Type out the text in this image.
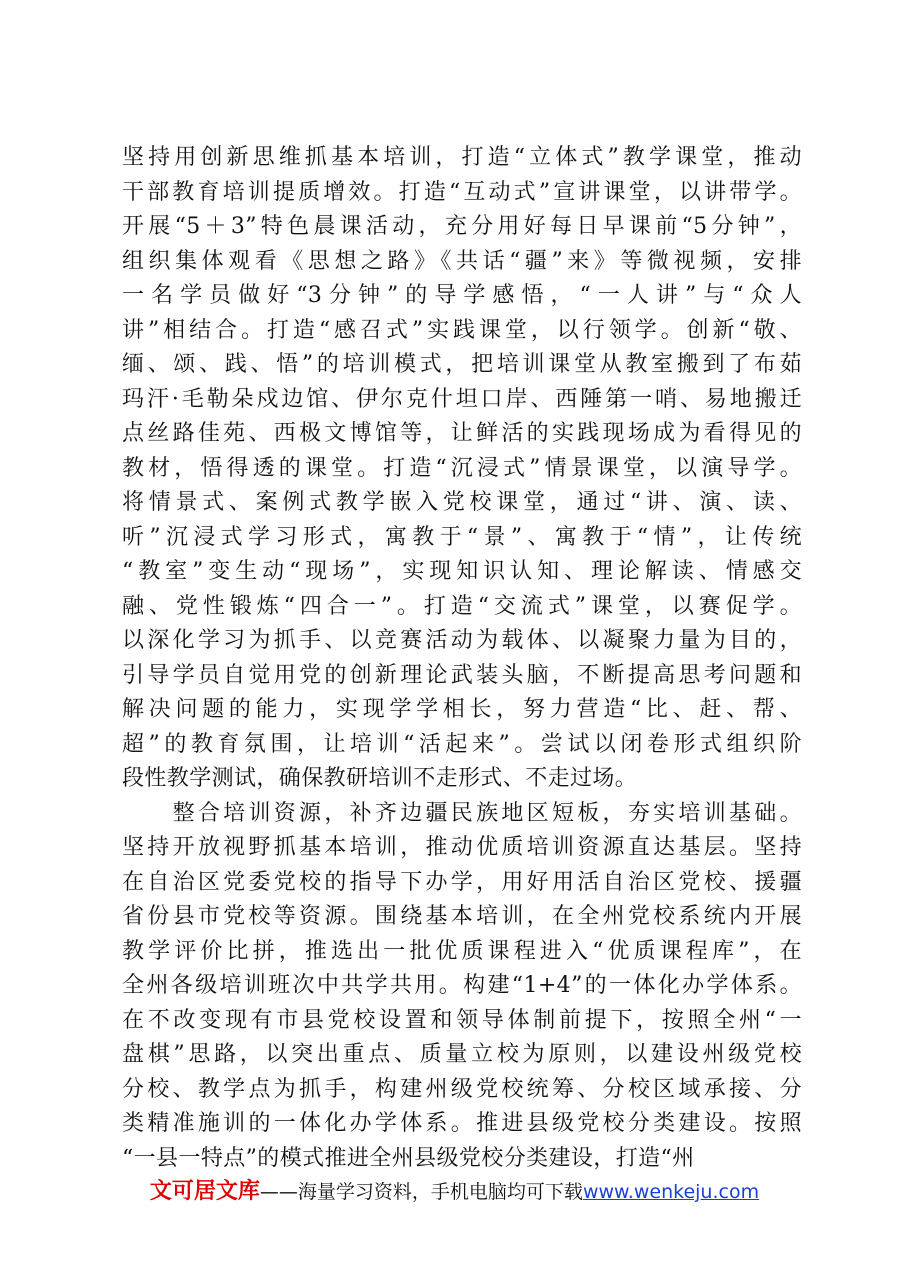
坚持用创新思维抓基本培训，打造“立体式”教学课堂，推动
干部教育培训提质增效。打造“互动式”宣讲课堂，以讲带学。
开展“5＋3”特色晨课活动，充分用好每日早课前“5分钟”，
组织集体观看《思想之路》《共话“疆”来》等微视频，安排
一名学员做好“3分钟”的导学感悟，“一人讲”与“众人
讲”相结合。打造“感召式”实践课堂，以行领学。创新“敬、
缅、颂、践、悟”的培训模式，把培训课堂从教室搬到了布茹
玛汗·毛勒朵戍边馆、伊尔克什坦口岸、西陲第一哨、易地搬迁
点丝路佳苑、西极文博馆等，让鲜活的实践现场成为看得见的
教材，悟得透的课堂。打造“沉浸式”情景课堂，以演导学。
将情景式、案例式教学嵌入党校课堂，通过“讲、演、读、
听”沉浸式学习形式，寓教于“景”、寓教于“情”，让传统
“教室”变生动“现场”，实现知识认知、理论解读、情感交
融、党性锻炼“四合一”。打造“交流式”课堂，以赛促学。
以深化学习为抓手、以竞赛活动为载体、以凝聚力量为目的，
引导学员自觉用党的创新理论武装头脑，不断提高思考问题和
解决问题的能力，实现学学相长，努力营造“比、赶、帮、
超”的教育氛围，让培训“活起来”。尝试以闭卷形式组织阶
段性教学测试，确保教研培训不走形式、不走过场。
　　整合培训资源，补齐边疆民族地区短板，夯实培训基础。
坚持开放视野抓基本培训，推动优质培训资源直达基层。坚持
在自治区党委党校的指导下办学，用好用活自治区党校、援疆
省份县市党校等资源。围绕基本培训，在全州党校系统内开展
教学评价比拼，推选出一批优质课程进入“优质课程库”，在
全州各级培训班次中共学共用。构建“1+4”的一体化办学体系。
在不改变现有市县党校设置和领导体制前提下，按照全州“一
盘棋”思路，以突出重点、质量立校为原则，以建设州级党校
分校、教学点为抓手，构建州级党校统筹、分校区域承接、分
类精准施训的一体化办学体系。推进县级党校分类建设。按照
“一县一特点”的模式推进全州县级党校分类建设，打造“州
文可居文库——海量学习资料，手机电脑均可下载www.wenkeju.com
